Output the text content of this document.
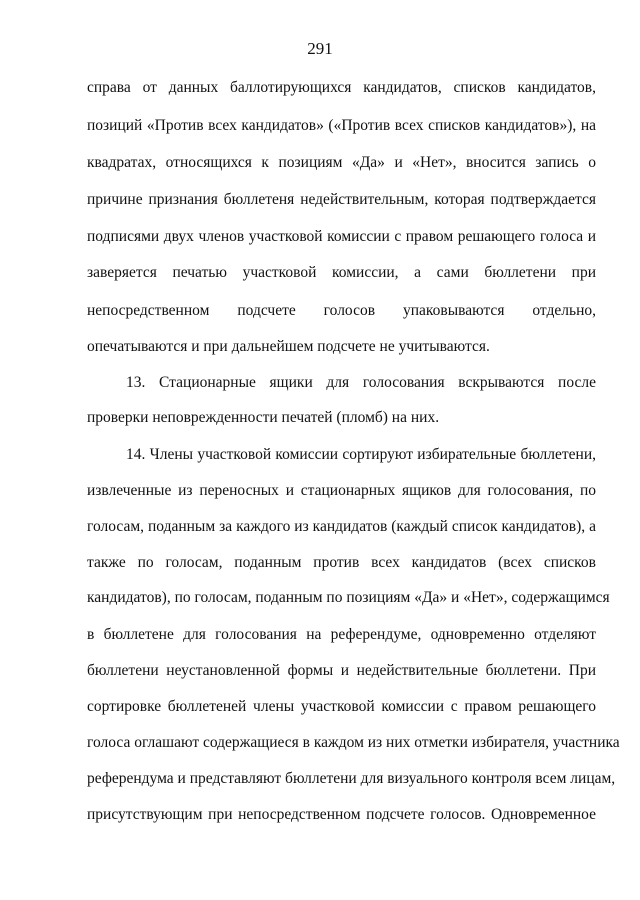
291
справа от данных баллотирующихся кандидатов, списков кандидатов,
позиций «Против всех кандидатов» («Против всех списков кандидатов»), на
квадратах, относящихся к позициям «Да» и «Нет», вносится запись о
причине признания бюллетеня недействительным, которая подтверждается
подписями двух членов участковой комиссии с правом решающего голоса и
заверяется печатью участковой комиссии, а сами бюллетени при
непосредственном подсчете голосов упаковываются отдельно,
опечатываются и при дальнейшем подсчете не учитываются.
13. Стационарные ящики для голосования вскрываются после
проверки неповрежденности печатей (пломб) на них.
14. Члены участковой комиссии сортируют избирательные бюллетени,
извлеченные из переносных и стационарных ящиков для голосования, по
голосам, поданным за каждого из кандидатов (каждый список кандидатов), а
также по голосам, поданным против всех кандидатов (всех списков
кандидатов), по голосам, поданным по позициям «Да» и «Нет», содержащимся
в бюллетене для голосования на референдуме, одновременно отделяют
бюллетени неустановленной формы и недействительные бюллетени. При
сортировке бюллетеней члены участковой комиссии с правом решающего
голоса оглашают содержащиеся в каждом из них отметки избирателя, участника
референдума и представляют бюллетени для визуального контроля всем лицам,
присутствующим при непосредственном подсчете голосов. Одновременное
